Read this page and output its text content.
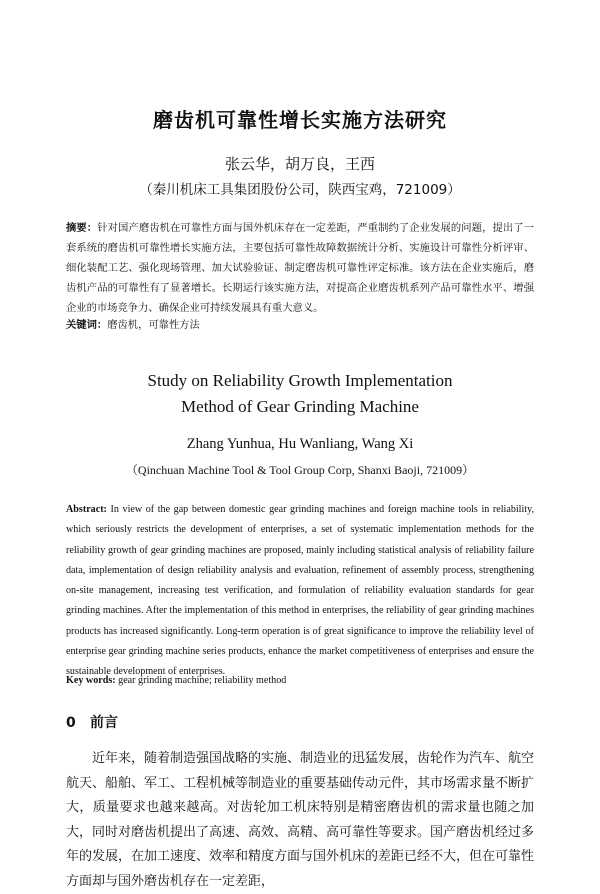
磨齿机可靠性增长实施方法研究
张云华，胡万良，王西
（秦川机床工具集团股份公司，陕西宝鸡，721009）
摘要：针对国产磨齿机在可靠性方面与国外机床存在一定差距，严重制约了企业发展的问题，提出了一套系统的磨齿机可靠性增长实施方法，主要包括可靠性故障数据统计分析、实施设计可靠性分析评审、细化装配工艺、强化现场管理、加大试验验证、制定磨齿机可靠性评定标准。该方法在企业实施后，磨齿机产品的可靠性有了显著增长。长期运行该实施方法，对提高企业磨齿机系列产品可靠性水平、增强企业的市场竞争力、确保企业可持续发展具有重大意义。
关键词：磨齿机，可靠性方法
Study on Reliability Growth Implementation
Method of Gear Grinding Machine
Zhang Yunhua, Hu Wanliang, Wang Xi
（Qinchuan Machine Tool & Tool Group Corp, Shanxi Baoji, 721009）
Abstract: In view of the gap between domestic gear grinding machines and foreign machine tools in reliability, which seriously restricts the development of enterprises, a set of systematic implementation methods for the reliability growth of gear grinding machines are proposed, mainly including statistical analysis of reliability failure data, implementation of design reliability analysis and evaluation, refinement of assembly process, strengthening on-site management, increasing test verification, and formulation of reliability evaluation standards for gear grinding machines. After the implementation of this method in enterprises, the reliability of gear grinding machines products has increased significantly. Long-term operation is of great significance to improve the reliability level of enterprise gear grinding machine series products, enhance the market competitiveness of enterprises and ensure the sustainable development of enterprises.
Key words: gear grinding machine; reliability method
0 前言
近年来，随着制造强国战略的实施、制造业的迅猛发展，齿轮作为汽车、航空航天、船舶、军工、工程机械等制造业的重要基础传动元件，其市场需求量不断扩大，质量要求也越来越高。对齿轮加工机床特别是精密磨齿机的需求量也随之加大，同时对磨齿机提出了高速、高效、高精、高可靠性等要求。国产磨齿机经过多年的发展，在加工速度、效率和精度方面与国外机床的差距已经不大，但在可靠性方面却与国外磨齿机存在一定差距，
